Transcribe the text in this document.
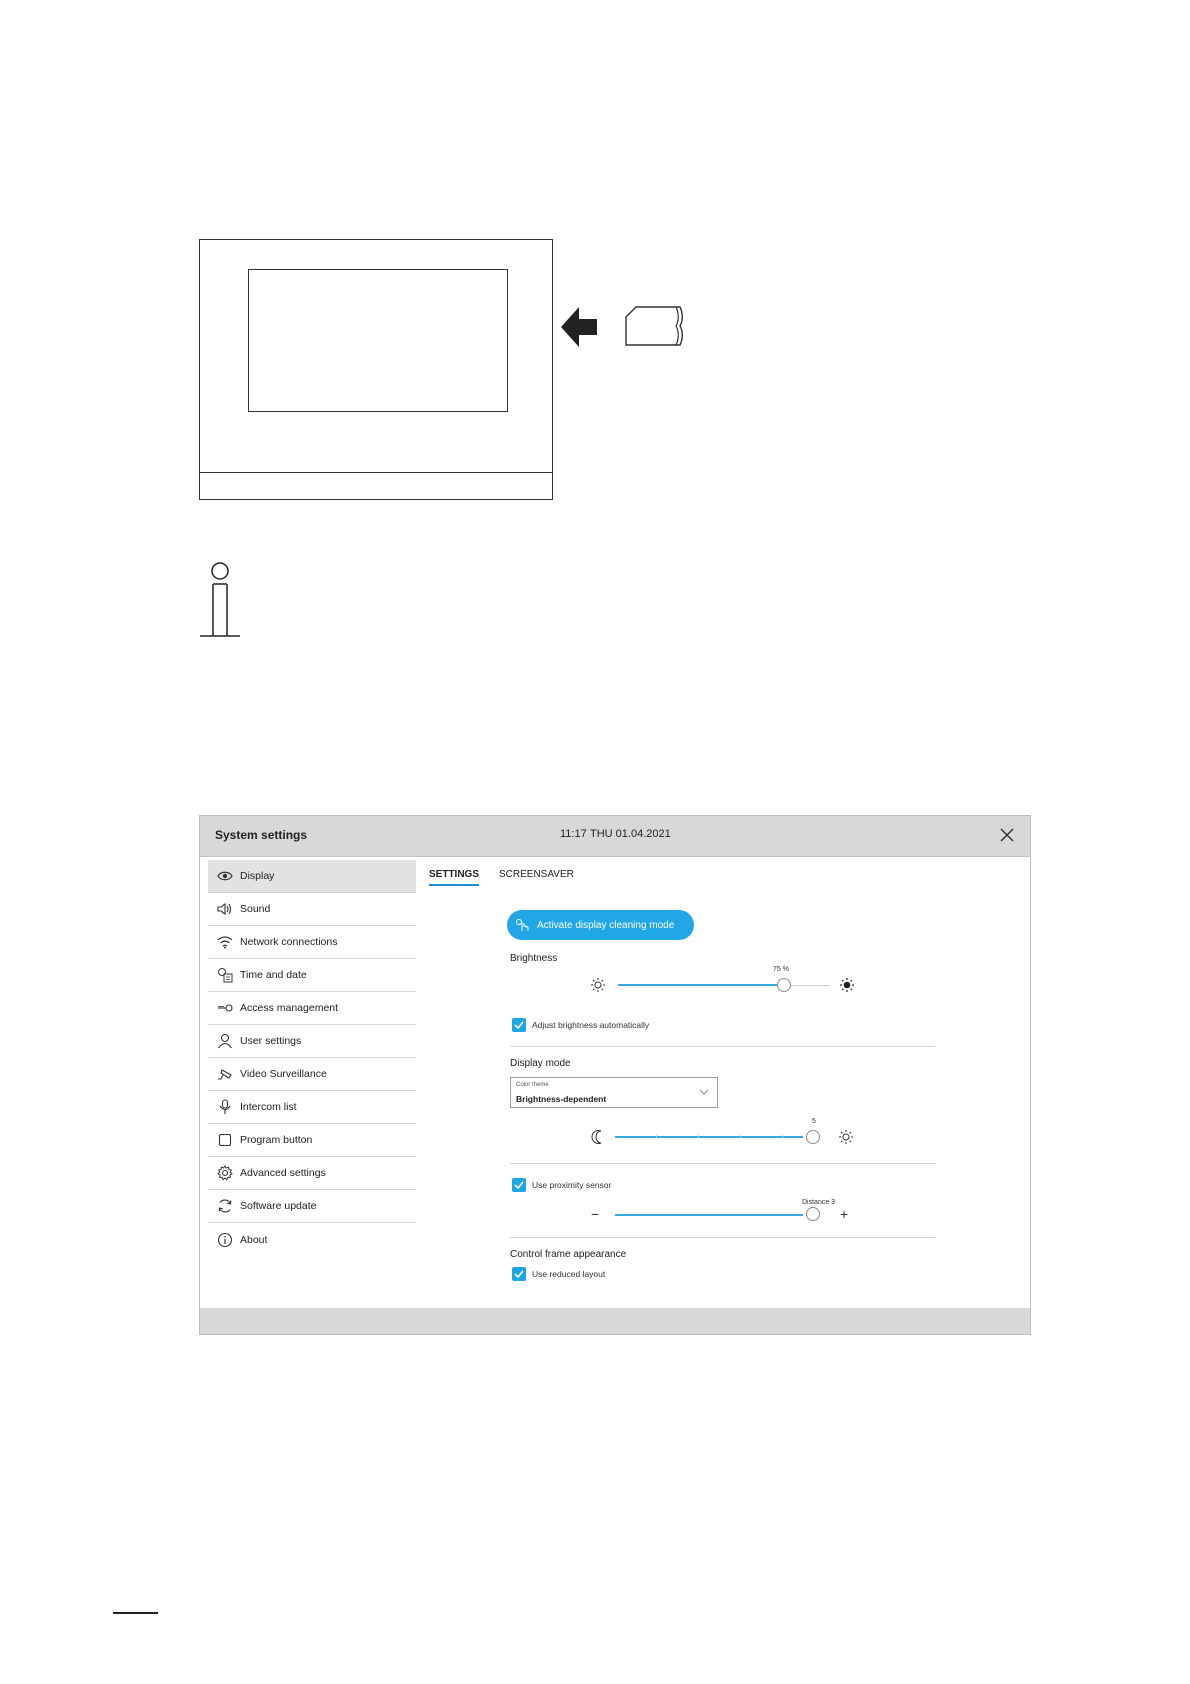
System settings	11:17 THU 01.04.2021
Display
Sound
Network connections
Time and date
Access management
User settings
Video Surveillance
Intercom list
Program button
Advanced settings
Software update
About
SETTINGS SCREENSAVER
Activate display cleaning mode
Brightness
75 %
Adjust brightness automatically
Display mode
Color theme
Brightness-dependent
5
Use proximity sensor
Distance 3
−	+
Control frame appearance
Use reduced layout
